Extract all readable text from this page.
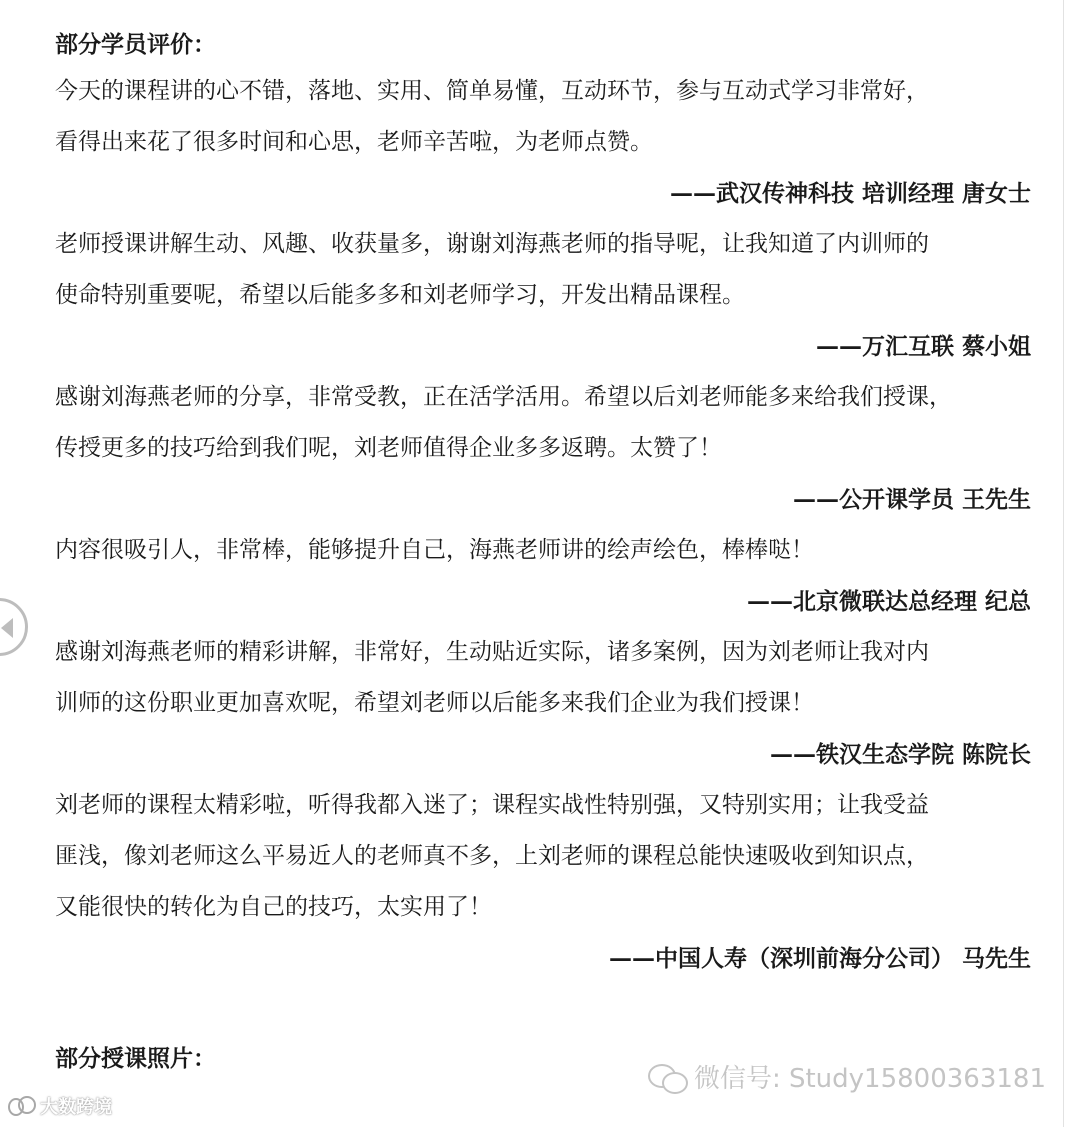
部分学员评价：
今天的课程讲的心不错，落地、实用、简单易懂，互动环节，参与互动式学习非常好，
看得出来花了很多时间和心思，老师辛苦啦，为老师点赞。
——武汉传神科技 培训经理 唐女士
老师授课讲解生动、风趣、收获量多，谢谢刘海燕老师的指导呢，让我知道了内训师的
使命特别重要呢，希望以后能多多和刘老师学习，开发出精品课程。
——万汇互联 蔡小姐
感谢刘海燕老师的分享，非常受教，正在活学活用。希望以后刘老师能多来给我们授课，
传授更多的技巧给到我们呢，刘老师值得企业多多返聘。太赞了！
——公开课学员 王先生
内容很吸引人，非常棒，能够提升自己，海燕老师讲的绘声绘色，棒棒哒！
——北京微联达总经理 纪总
感谢刘海燕老师的精彩讲解，非常好，生动贴近实际，诸多案例，因为刘老师让我对内
训师的这份职业更加喜欢呢，希望刘老师以后能多来我们企业为我们授课！
——铁汉生态学院 陈院长
刘老师的课程太精彩啦，听得我都入迷了；课程实战性特别强，又特别实用；让我受益
匪浅，像刘老师这么平易近人的老师真不多，上刘老师的课程总能快速吸收到知识点，
又能很快的转化为自己的技巧，太实用了！
——中国人寿（深圳前海分公司） 马先生
部分授课照片：
微信号: Study15800363181
大数跨境
